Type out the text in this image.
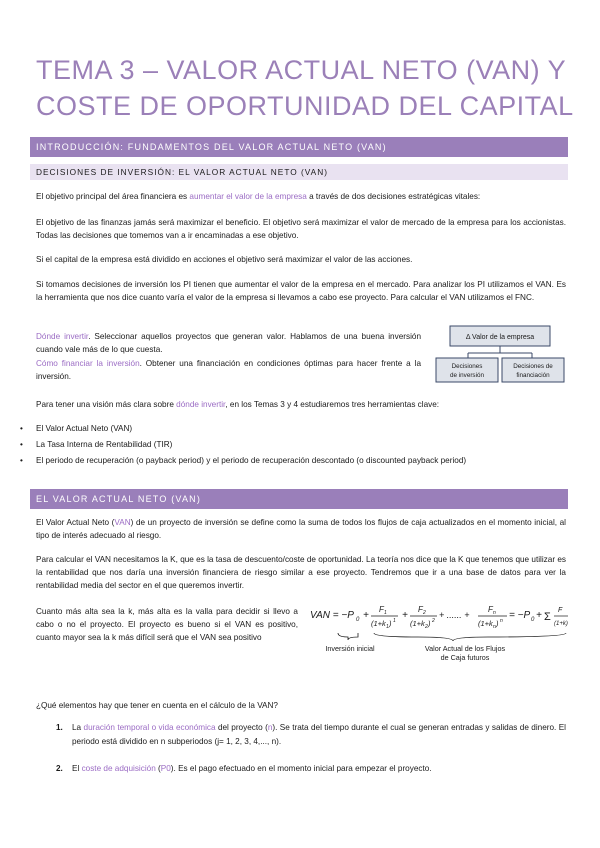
TEMA 3 – VALOR ACTUAL NETO (VAN) Y COSTE DE OPORTUNIDAD DEL CAPITAL
INTRODUCCIÓN: FUNDAMENTOS DEL VALOR ACTUAL NETO (VAN)
DECISIONES DE INVERSIÓN: EL VALOR ACTUAL NETO (VAN)

El objetivo principal del área financiera es aumentar el valor de la empresa a través de dos decisiones estratégicas vitales:

El objetivo de las finanzas jamás será maximizar el beneficio. El objetivo será maximizar el valor de mercado de la empresa para los accionistas. Todas las decisiones que tomemos van a ir encaminadas a ese objetivo.

Si el capital de la empresa está dividido en acciones el objetivo será maximizar el valor de las acciones.

Si tomamos decisiones de inversión los PI tienen que aumentar el valor de la empresa en el mercado. Para analizar los PI utilizamos el VAN. Es la herramienta que nos dice cuanto varía el valor de la empresa si llevamos a cabo ese proyecto. Para calcular el VAN utilizamos el FNC.

Dónde invertir. Seleccionar aquellos proyectos que generan valor. Hablamos de una buena inversión cuando vale más de lo que cuesta.

Cómo financiar la inversión. Obtener una financiación en condiciones óptimas para hacer frente a la inversión.

Δ Valor de la empresa
Decisiones
de inversión
Decisiones de
financiación

Para tener una visión más clara sobre dónde invertir, en los Temas 3 y 4 estudiaremos tres herramientas clave:

• El Valor Actual Neto (VAN)
• La Tasa Interna de Rentabilidad (TIR)
• El periodo de recuperación (o payback period) y el periodo de recuperación descontado (o discounted payback period)
EL VALOR ACTUAL NETO (VAN)

El Valor Actual Neto (VAN) de un proyecto de inversión se define como la suma de todos los flujos de caja actualizados en el momento inicial, al tipo de interés adecuado al riesgo.

Para calcular el VAN necesitamos la K, que es la tasa de descuento/coste de oportunidad. La teoría nos dice que la K que tenemos que utilizar es la rentabilidad que nos daría una inversión financiera de riesgo similar a ese proyecto. Tendremos que ir a una base de datos para ver la rentabilidad media del sector en el que queremos invertir.

Cuanto más alta sea la k, más alta es la valla para decidir si llevo a cabo o no el proyecto. El proyecto es bueno si el VAN es positivo, cuanto mayor sea la k más difícil será que el VAN sea positivo

VAN = −P 0 +
F 1
(1+k 1 ) 1 +
F 2
(1+k 2 ) 2
+ ...... +
F n
(1+k n ) n = −P 0 + Σ
F
(1+k)
Inversión inicial	Valor Actual de los Flujos de Caja futuros

¿Qué elementos hay que tener en cuenta en el cálculo de la VAN?

1. La duración temporal o vida económica del proyecto (n). Se trata del tiempo durante el cual se generan entradas y salidas de dinero. El periodo está dividido en n subperiodos (j= 1, 2, 3, 4,..., n).
2. El coste de adquisición (P0). Es el pago efectuado en el momento inicial para empezar el proyecto.
